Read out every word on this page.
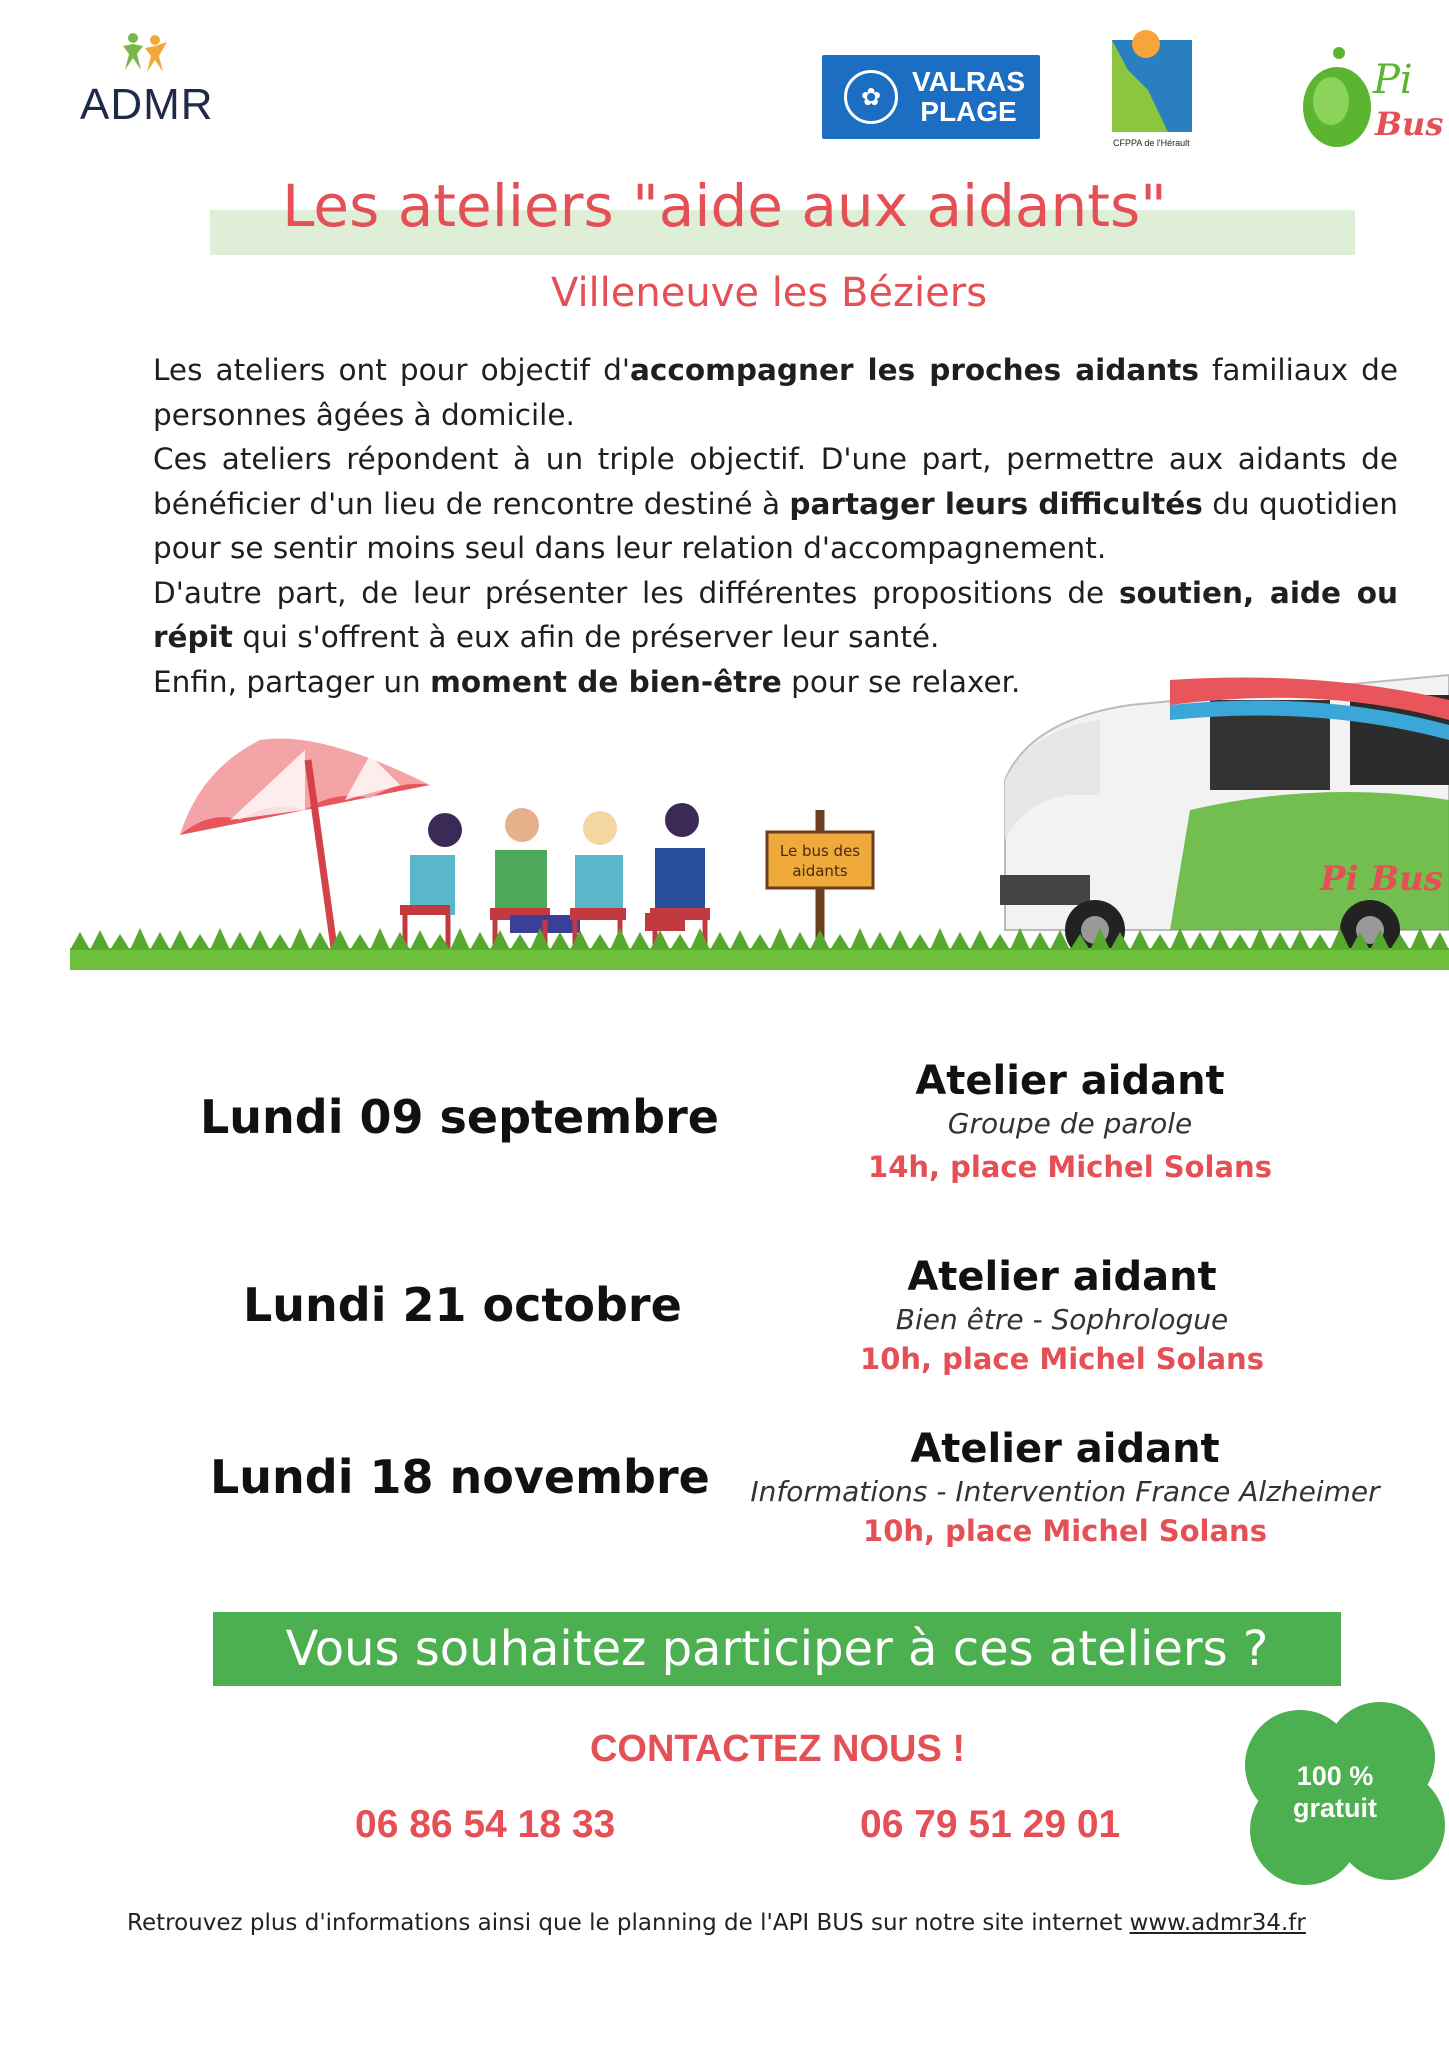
ADMR	✿	VALRAS
PLAGE
CFPPA de l'Hérault
Pi
Bus
Les ateliers "aide aux aidants"
Villeneuve les Béziers

Les ateliers ont pour objectif d'accompagner les proches aidants familiaux de personnes âgées à domicile.

Ces ateliers répondent à un triple objectif. D'une part, permettre aux aidants de bénéficier d'un lieu de rencontre destiné à partager leurs difficultés du quotidien pour se sentir moins seul dans leur relation d'accompagnement.

D'autre part, de leur présenter les différentes propositions de soutien, aide ou répit qui s'offrent à eux afin de préserver leur santé.

Enfin, partager un moment de bien-être pour se relaxer.

Le bus des
aidants	Pi Bus
Lundi 09 septembre
Atelier aidant
Groupe de parole
14h, place Michel Solans
Lundi 21 octobre
Atelier aidant
Bien être - Sophrologue
10h, place Michel Solans
Lundi 18 novembre
Atelier aidant
Informations - Intervention France Alzheimer
10h, place Michel Solans
Vous souhaitez participer à ces ateliers ?
CONTACTEZ NOUS !
06 86 54 18 33	06 79 51 29 01
100 %
gratuit
Retrouvez plus d'informations ainsi que le planning de l'API BUS sur notre site internet www.admr34.fr
